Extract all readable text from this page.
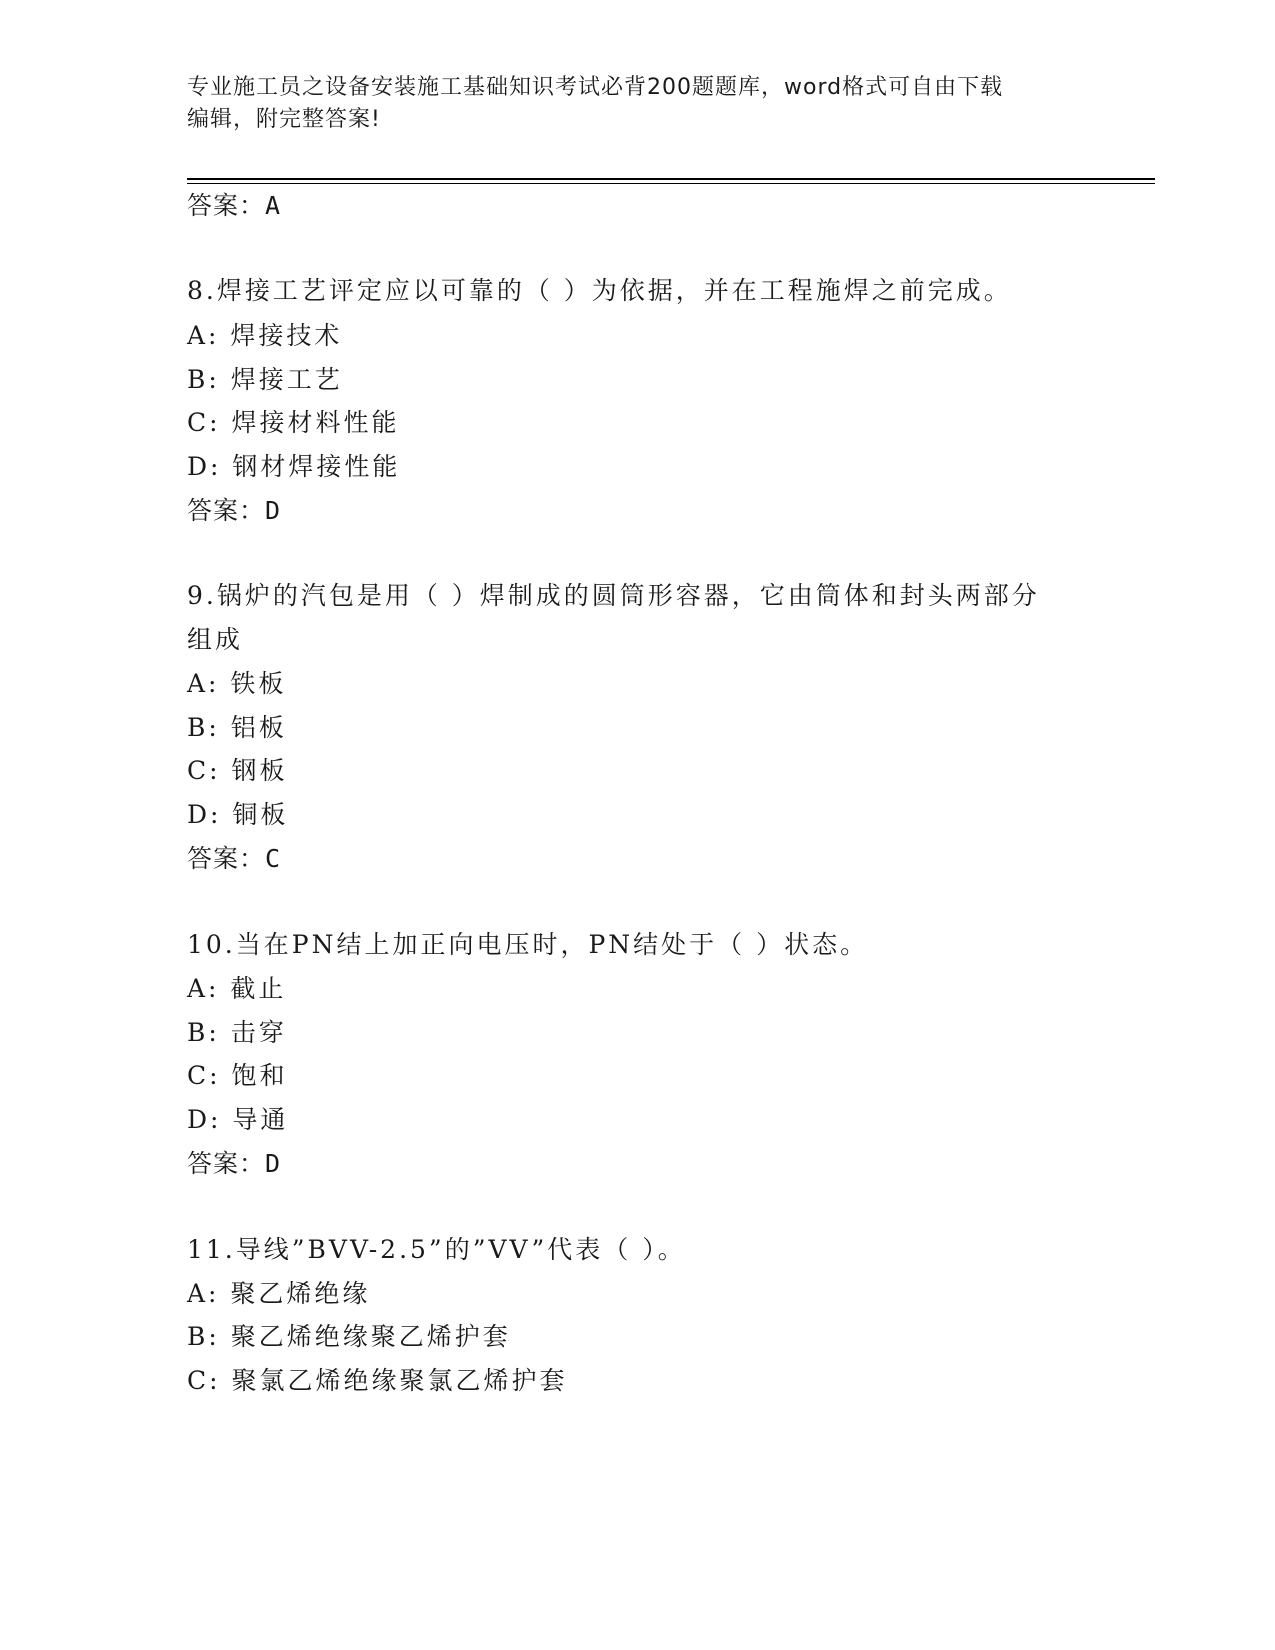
专业施工员之设备安装施工基础知识考试必背200题题库，word格式可自由下载
编辑，附完整答案!
答案：A
8.焊接工艺评定应以可靠的（ ）为依据，并在工程施焊之前完成。
A: 焊接技术
B: 焊接工艺
C: 焊接材料性能
D: 钢材焊接性能
答案：D
9.锅炉的汽包是用（ ）焊制成的圆筒形容器，它由筒体和封头两部分
组成
A: 铁板
B: 铝板
C: 钢板
D: 铜板
答案：C
10.当在PN结上加正向电压时，PN结处于（ ）状态。
A: 截止
B: 击穿
C: 饱和
D: 导通
答案：D
11.导线”BVV-2.5”的”VV”代表（ ）。
A: 聚乙烯绝缘
B: 聚乙烯绝缘聚乙烯护套
C: 聚氯乙烯绝缘聚氯乙烯护套
